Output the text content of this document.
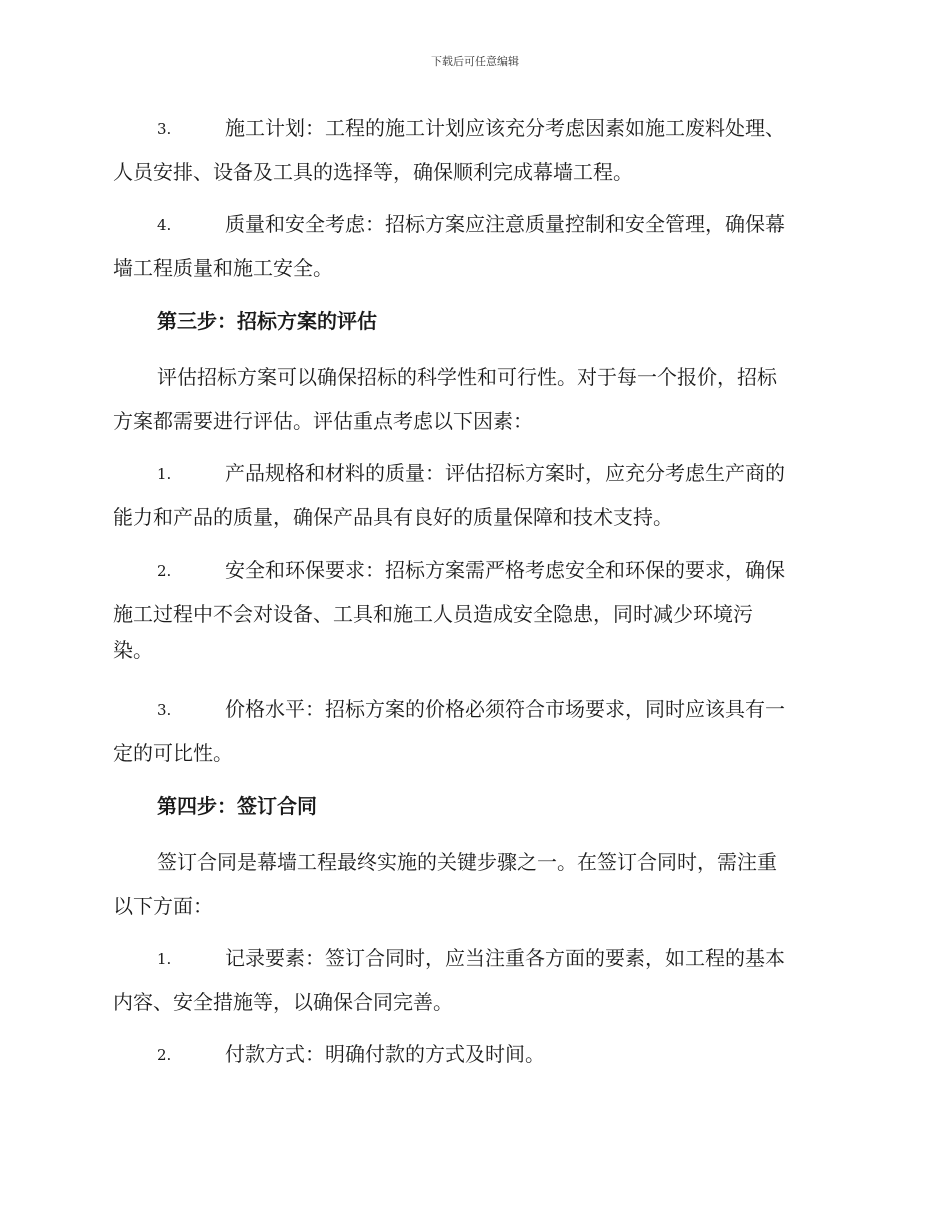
下载后可任意编辑
3.	施工计划：工程的施工计划应该充分考虑因素如施工废料处理、
人员安排、设备及工具的选择等，确保顺利完成幕墙工程。
4.	质量和安全考虑：招标方案应注意质量控制和安全管理，确保幕
墙工程质量和施工安全。
第三步：招标方案的评估
评估招标方案可以确保招标的科学性和可行性。对于每一个报价，招标
方案都需要进行评估。评估重点考虑以下因素：
1.	产品规格和材料的质量：评估招标方案时，应充分考虑生产商的
能力和产品的质量，确保产品具有良好的质量保障和技术支持。
2.	安全和环保要求：招标方案需严格考虑安全和环保的要求，确保
施工过程中不会对设备、工具和施工人员造成安全隐患，同时减少环境污
染。
3.	价格水平：招标方案的价格必须符合市场要求，同时应该具有一
定的可比性。
第四步：签订合同
签订合同是幕墙工程最终实施的关键步骤之一。在签订合同时，需注重
以下方面：
1.	记录要素：签订合同时，应当注重各方面的要素，如工程的基本
内容、安全措施等，以确保合同完善。
2.	付款方式：明确付款的方式及时间。
